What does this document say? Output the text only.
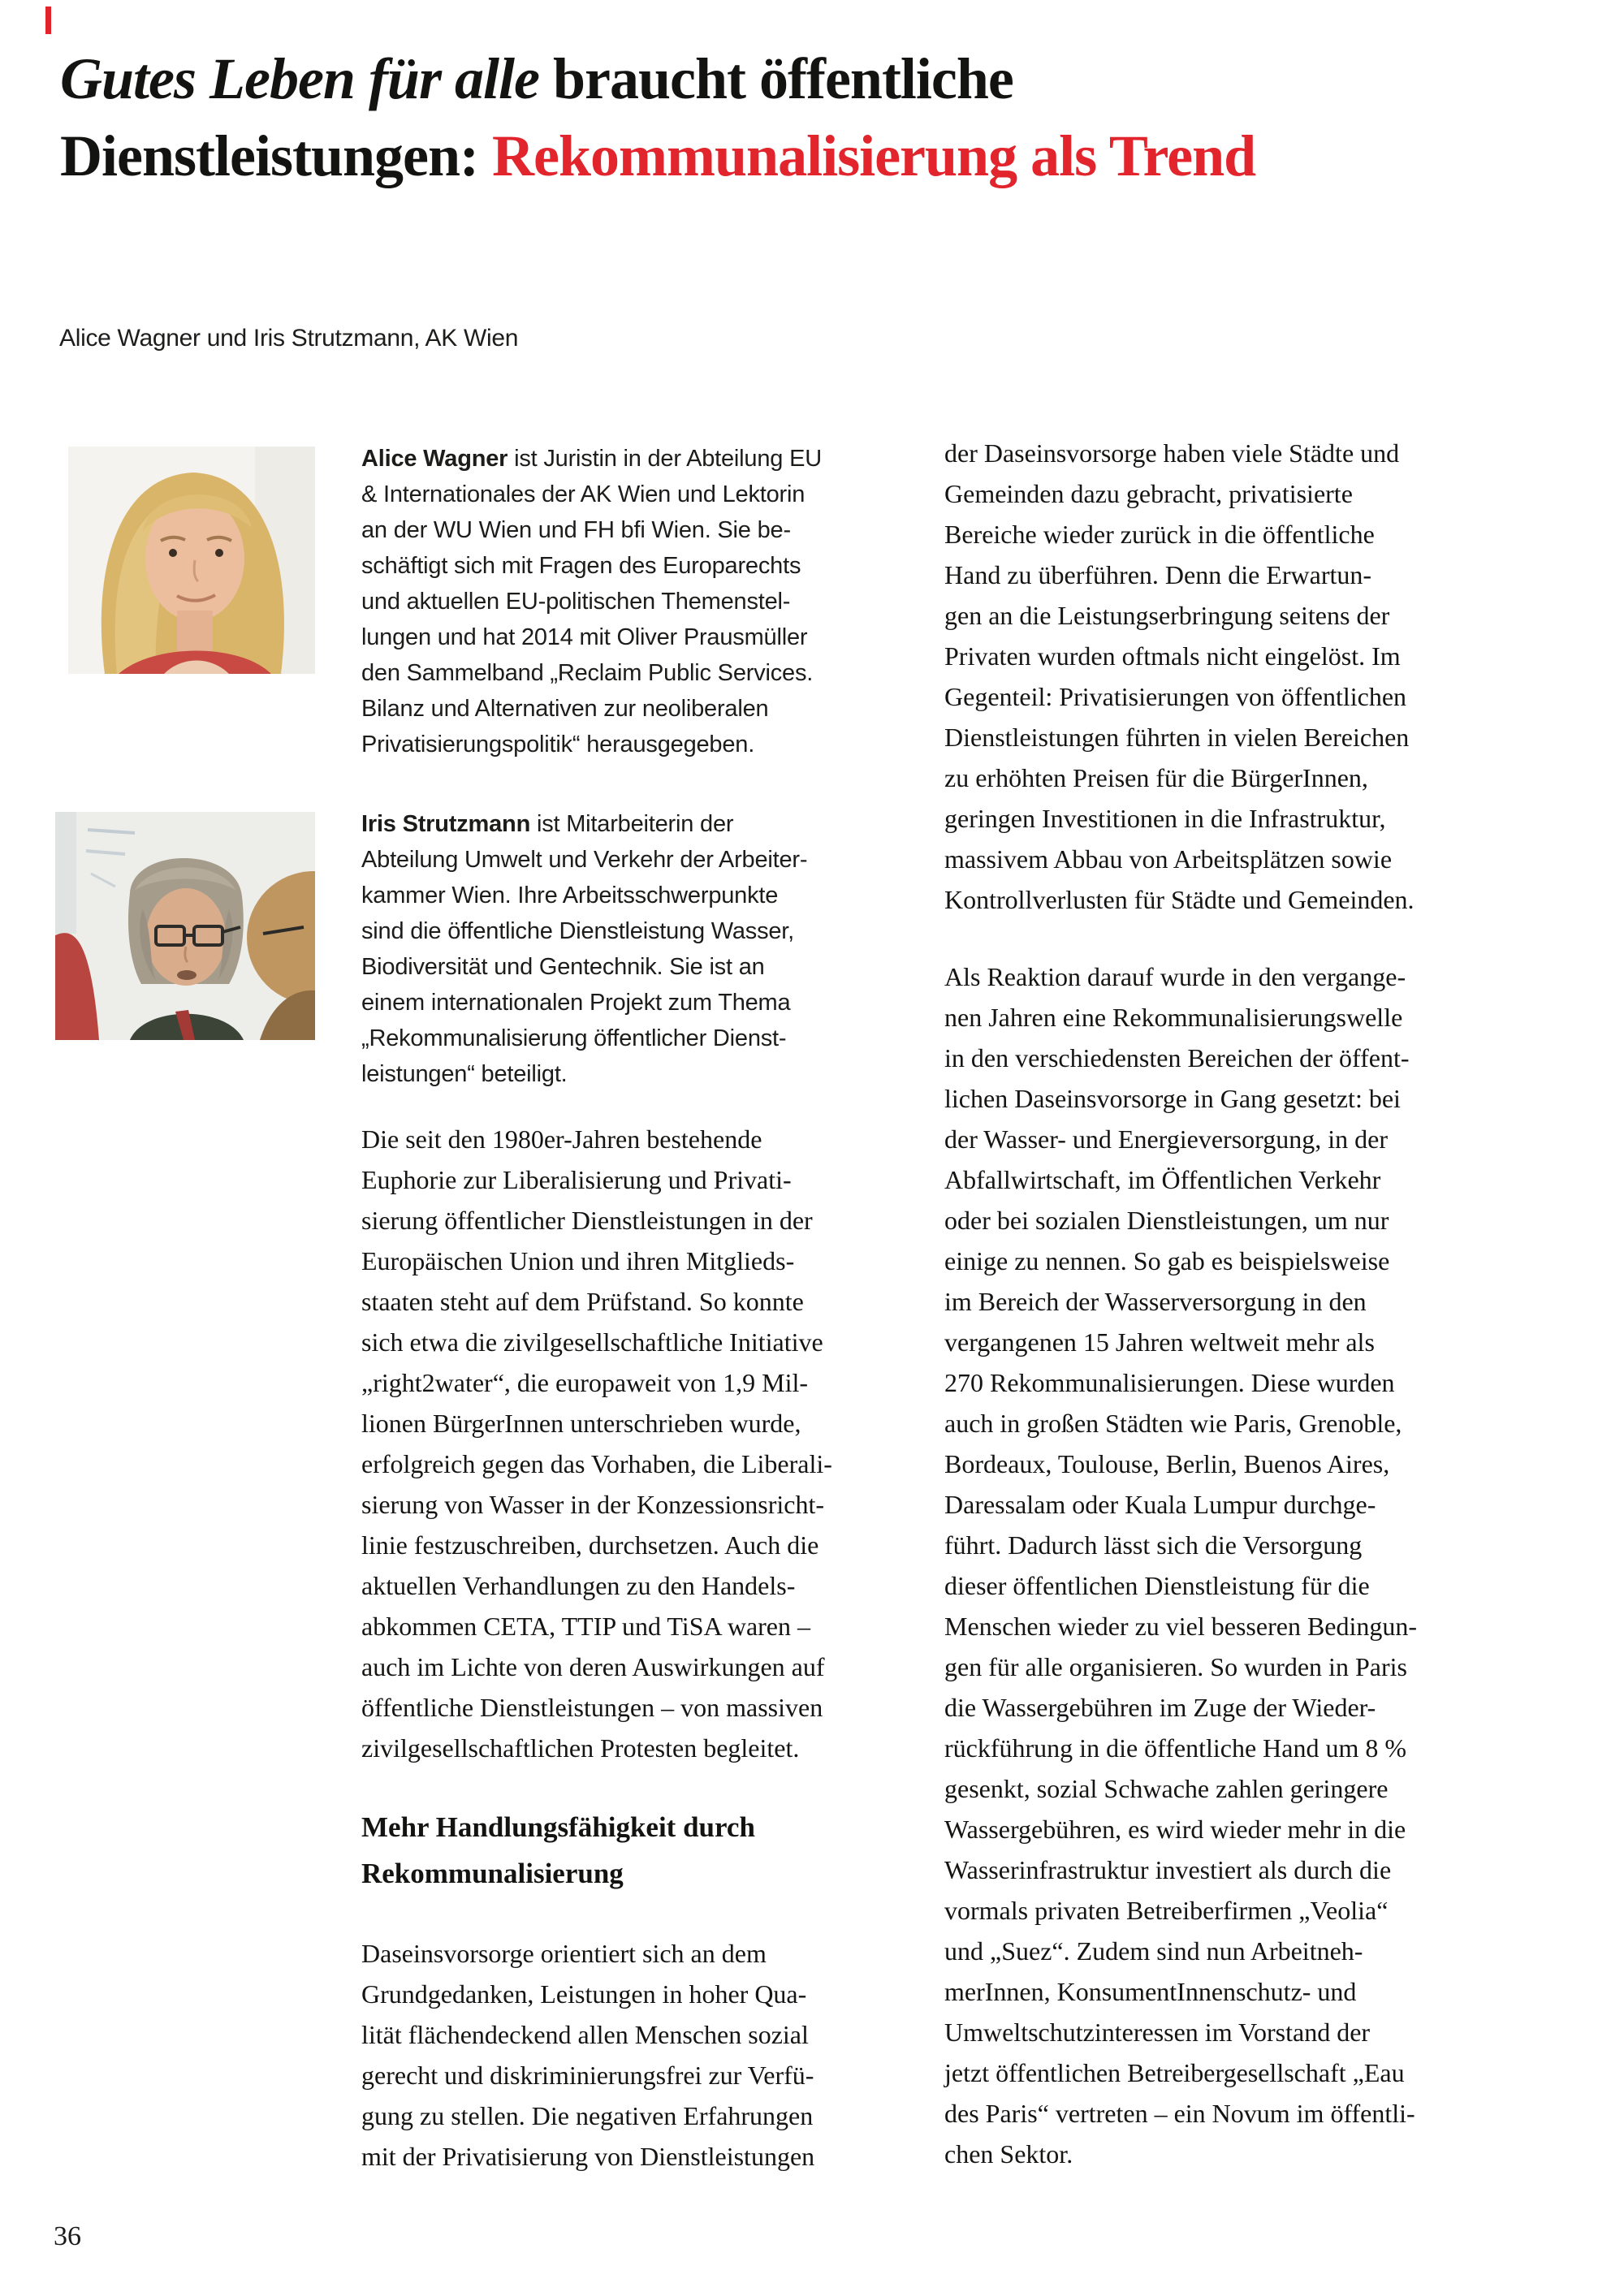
Gutes Leben für alle braucht öffentliche
Dienstleistungen: Rekommunalisierung als Trend
Alice Wagner und Iris Strutzmann, AK Wien
Alice Wagner ist Juristin in der Abteilung EU
& Internationales der AK Wien und Lektorin
an der WU Wien und FH bfi Wien. Sie be-
schäftigt sich mit Fragen des Europarechts
und aktuellen EU-politischen Themenstel-
lungen und hat 2014 mit Oliver Prausmüller
den Sammelband „Reclaim Public Services.
Bilanz und Alternativen zur neoliberalen
Privatisierungspolitik“ herausgegeben.
Iris Strutzmann ist Mitarbeiterin der
Abteilung Umwelt und Verkehr der Arbeiter-
kammer Wien. Ihre Arbeitsschwerpunkte
sind die öffentliche Dienstleistung Wasser,
Biodiversität und Gentechnik. Sie ist an
einem internationalen Projekt zum Thema
„Rekommunalisierung öffentlicher Dienst-
leistungen“ beteiligt.
Die seit den 1980er-Jahren bestehende
Euphorie zur Liberalisierung und Privati-
sierung öffentlicher Dienstleistungen in der
Europäischen Union und ihren Mitglieds-
staaten steht auf dem Prüfstand. So konnte
sich etwa die zivilgesellschaftliche Initiative
„right2water“, die europaweit von 1,9 Mil-
lionen BürgerInnen unterschrieben wurde,
erfolgreich gegen das Vorhaben, die Liberali-
sierung von Wasser in der Konzessionsricht-
linie festzuschreiben, durchsetzen. Auch die
aktuellen Verhandlungen zu den Handels-
abkommen CETA, TTIP und TiSA waren –
auch im Lichte von deren Auswirkungen auf
öffentliche Dienstleistungen – von massiven
zivilgesellschaftlichen Protesten begleitet.
Mehr Handlungsfähigkeit durch
Rekommunalisierung
Daseinsvorsorge orientiert sich an dem
Grundgedanken, Leistungen in hoher Qua-
lität flächendeckend allen Menschen sozial
gerecht und diskriminierungsfrei zur Verfü-
gung zu stellen. Die negativen Erfahrungen
mit der Privatisierung von Dienstleistungen
der Daseinsvorsorge haben viele Städte und
Gemeinden dazu gebracht, privatisierte
Bereiche wieder zurück in die öffentliche
Hand zu überführen. Denn die Erwartun-
gen an die Leistungserbringung seitens der
Privaten wurden oftmals nicht eingelöst. Im
Gegenteil: Privatisierungen von öffentlichen
Dienstleistungen führten in vielen Bereichen
zu erhöhten Preisen für die BürgerInnen,
geringen Investitionen in die Infrastruktur,
massivem Abbau von Arbeitsplätzen sowie
Kontrollverlusten für Städte und Gemeinden.
Als Reaktion darauf wurde in den vergange-
nen Jahren eine Rekommunalisierungswelle
in den verschiedensten Bereichen der öffent-
lichen Daseinsvorsorge in Gang gesetzt: bei
der Wasser- und Energieversorgung, in der
Abfallwirtschaft, im Öffentlichen Verkehr
oder bei sozialen Dienstleistungen, um nur
einige zu nennen. So gab es beispielsweise
im Bereich der Wasserversorgung in den
vergangenen 15 Jahren weltweit mehr als
270 Rekommunalisierungen. Diese wurden
auch in großen Städten wie Paris, Grenoble,
Bordeaux, Toulouse, Berlin, Buenos Aires,
Daressalam oder Kuala Lumpur durchge-
führt. Dadurch lässt sich die Versorgung
dieser öffentlichen Dienstleistung für die
Menschen wieder zu viel besseren Bedingun-
gen für alle organisieren. So wurden in Paris
die Wassergebühren im Zuge der Wieder-
rückführung in die öffentliche Hand um 8 %
gesenkt, sozial Schwache zahlen geringere
Wassergebühren, es wird wieder mehr in die
Wasserinfrastruktur investiert als durch die
vormals privaten Betreiberfirmen „Veolia“
und „Suez“. Zudem sind nun Arbeitneh-
merInnen, KonsumentInnenschutz- und
Umweltschutzinteressen im Vorstand der
jetzt öffentlichen Betreibergesellschaft „Eau
des Paris“ vertreten – ein Novum im öffentli-
chen Sektor.
36
